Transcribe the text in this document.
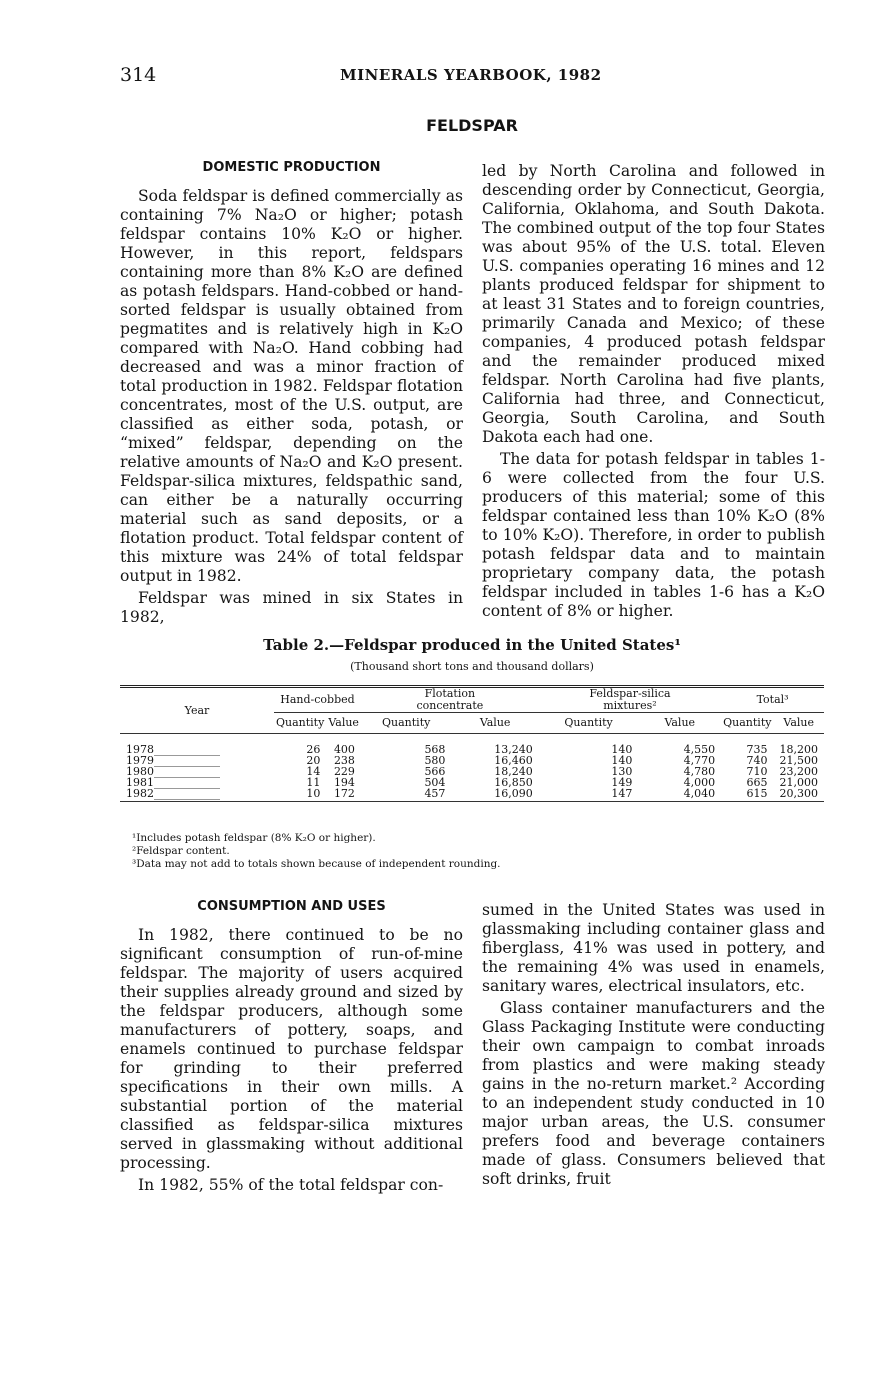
314	MINERALS YEARBOOK, 1982
FELDSPAR
DOMESTIC PRODUCTION

Soda feldspar is defined commercially as containing 7% Na₂O or higher; potash feldspar contains 10% K₂O or higher. However, in this report, feldspars containing more than 8% K₂O are defined as potash feldspars. Hand-cobbed or hand-sorted feldspar is usually obtained from pegmatites and is relatively high in K₂O compared with Na₂O. Hand cobbing had decreased and was a minor fraction of total production in 1982. Feldspar flotation concentrates, most of the U.S. output, are classified as either soda, potash, or “mixed” feldspar, depending on the relative amounts of Na₂O and K₂O present. Feldspar-silica mixtures, feldspathic sand, can either be a naturally occurring material such as sand deposits, or a flotation product. Total feldspar content of this mixture was 24% of total feldspar output in 1982.

Feldspar was mined in six States in 1982,

led by North Carolina and followed in descending order by Connecticut, Georgia, California, Oklahoma, and South Dakota. The combined output of the top four States was about 95% of the U.S. total. Eleven U.S. companies operating 16 mines and 12 plants produced feldspar for shipment to at least 31 States and to foreign countries, primarily Canada and Mexico; of these companies, 4 produced potash feldspar and the remainder produced mixed feldspar. North Carolina had five plants, California had three, and Connecticut, Georgia, South Carolina, and South Dakota each had one.

The data for potash feldspar in tables 1-6 were collected from the four U.S. producers of this material; some of this feldspar contained less than 10% K₂O (8% to 10% K₂O). Therefore, in order to publish potash feldspar data and to maintain proprietary company data, the potash feldspar included in tables 1-6 has a K₂O content of 8% or higher.

Table 2.—Feldspar produced in the United States¹
(Thousand short tons and thousand dollars)
Year	Hand-cobbed		Flotation concentrate		Feldspar-silica mixtures²		Total³	
	Quantity	Value	Quantity	Value	Quantity	Value	Quantity	Value
1978____________	26	400	568	13,240	140	4,550	735	18,200
1979____________	20	238	580	16,460	140	4,770	740	21,500
1980____________	14	229	566	18,240	130	4,780	710	23,200
1981____________	11	194	504	16,850	149	4,000	665	21,000
1982____________	10	172	457	16,090	147	4,040	615	20,300
¹Includes potash feldspar (8% K₂O or higher).
²Feldspar content.
³Data may not add to totals shown because of independent rounding.
CONSUMPTION AND USES

In 1982, there continued to be no significant consumption of run-of-mine feldspar. The majority of users acquired their supplies already ground and sized by the feldspar producers, although some manufacturers of pottery, soaps, and enamels continued to purchase feldspar for grinding to their preferred specifications in their own mills. A substantial portion of the material classified as feldspar-silica mixtures served in glassmaking without additional processing.

In 1982, 55% of the total feldspar con-

sumed in the United States was used in glassmaking including container glass and fiberglass, 41% was used in pottery, and the remaining 4% was used in enamels, sanitary wares, electrical insulators, etc.

Glass container manufacturers and the Glass Packaging Institute were conducting their own campaign to combat inroads from plastics and were making steady gains in the no-return market.² According to an independent study conducted in 10 major urban areas, the U.S. consumer prefers food and beverage containers made of glass. Consumers believed that soft drinks, fruit
